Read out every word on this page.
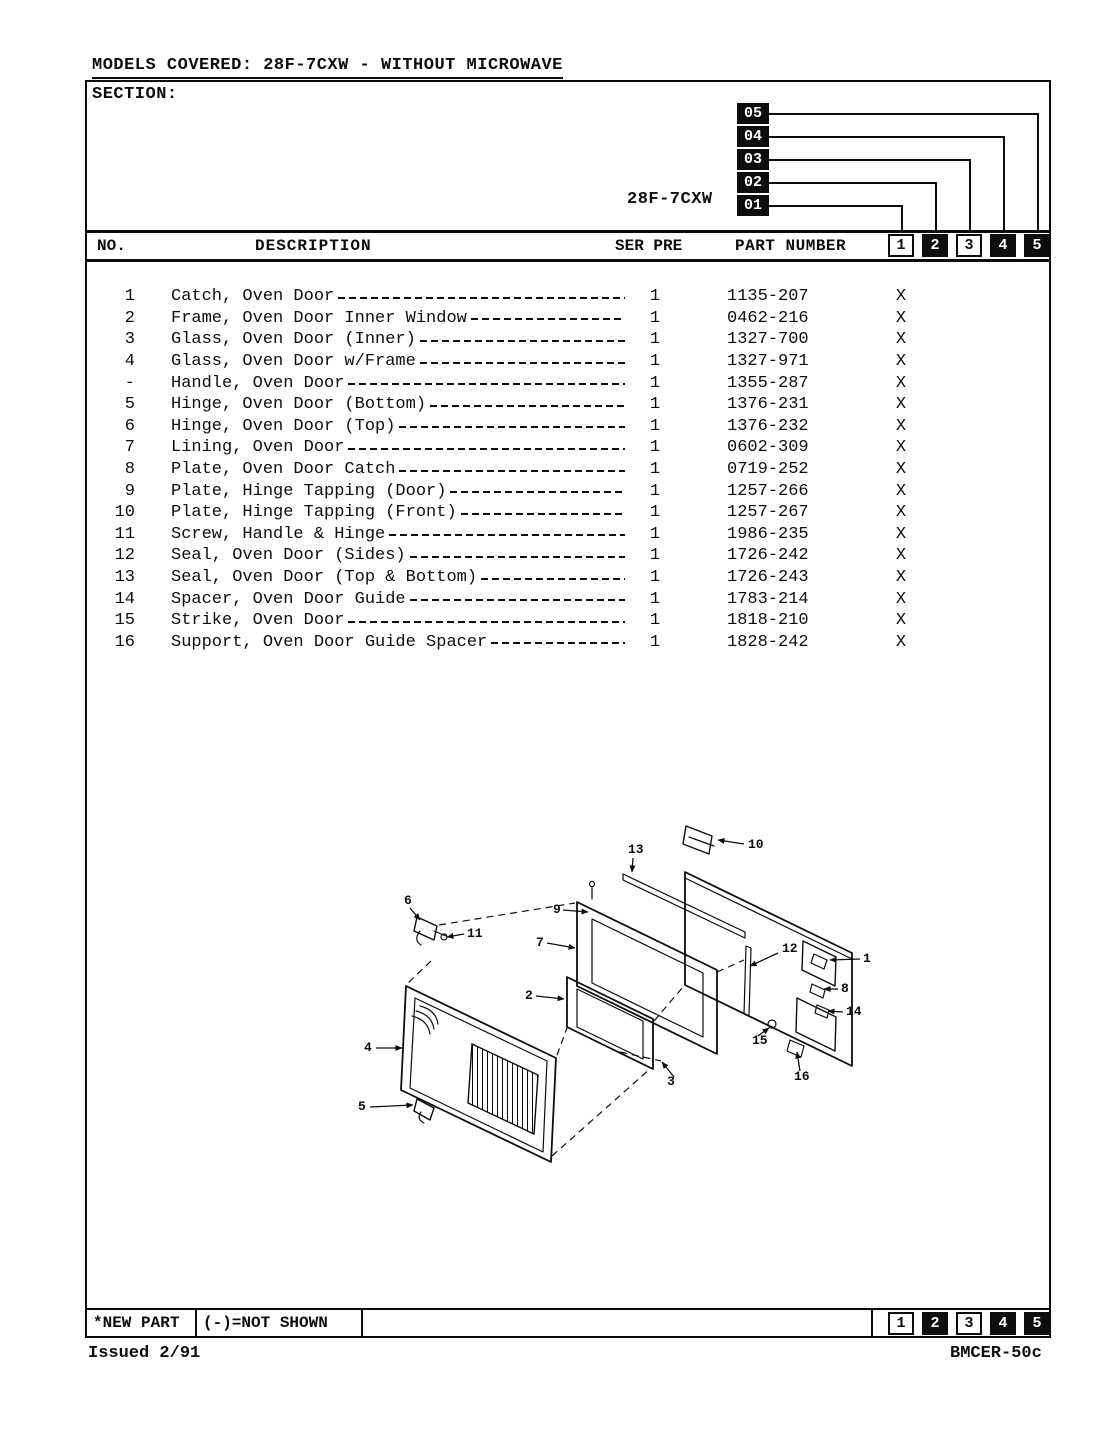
MODELS COVERED: 28F-7CXW - WITHOUT MICROWAVE
SECTION:
28F-7CXW
05
04
03
02
01
NO.	DESCRIPTION	SER PRE	PART NUMBER	1	2	3	4	5
1 Catch, Oven Door	1	1135-207	X
2 Frame, Oven Door Inner Window	1	0462-216	X
3 Glass, Oven Door (Inner)	1	1327-700	X
4 Glass, Oven Door w/Frame	1	1327-971	X
- Handle, Oven Door	1	1355-287	X
5 Hinge, Oven Door (Bottom)	1	1376-231	X
6 Hinge, Oven Door (Top)	1	1376-232	X
7 Lining, Oven Door	1	0602-309	X
8 Plate, Oven Door Catch	1	0719-252	X
9 Plate, Hinge Tapping (Door)	1	1257-266	X
10 Plate, Hinge Tapping (Front)	1	1257-267	X
11 Screw, Handle & Hinge	1	1986-235	X
12 Seal, Oven Door (Sides)	1	1726-242	X
13 Seal, Oven Door (Top & Bottom)	1	1726-243	X
14 Spacer, Oven Door Guide	1	1783-214	X
15 Strike, Oven Door	1	1818-210	X
16 Support, Oven Door Guide Spacer	1	1828-242	X
*NEW PART	(-)=NOT SHOWN	1	2	3	4	5
13	10
9
7
2
12
6
11
1
8
14
15
16
4
3
5
Issued 2/91	BMCER-50c
